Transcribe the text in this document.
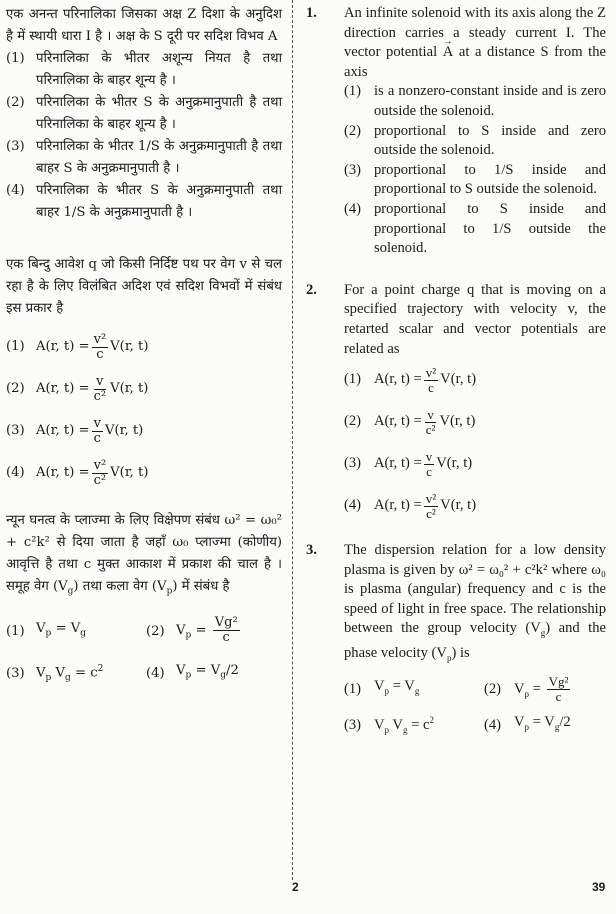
एक अनन्त परिनालिका जिसका अक्ष Z दिशा के अनुदिश है में स्थायी धारा I है । अक्ष के S दूरी पर सदिश विभव A

(1) परिनालिका के भीतर अशून्य नियत है तथा परिनालिका के बाहर शून्य है ।
(2) परिनालिका के भीतर S के अनुक्रमानुपाती है तथा परिनालिका के बाहर शून्य है ।
(3) परिनालिका के भीतर 1/S के अनुक्रमानुपाती है तथा बाहर S के अनुक्रमानुपाती है ।
(4) परिनालिका के भीतर S के अनुक्रमानुपाती तथा बाहर 1/S के अनुक्रमानुपाती है ।

एक बिन्दु आवेश q जो किसी निर्दिष्ट पथ पर वेग v से चल रहा है के लिए विलंबित अदिश एवं सदिश विभवों में संबंध इस प्रकार है

(1) A(r, $t) = \frac{\text{v²}}{c} V(r$, t)
(2) A(r, $t) = \frac{v}{\text{c²}} V(r$, t)
(3) A(r, $t) = \frac{v}{c} V(r$, t)
(4) A(r, $t) = \frac{\text{v²}}{\text{c²}} V(r$, t)

न्यून घनत्व के प्लाज्मा के लिए विक्षेपण संबंध ω² = ω₀² + c²k² से दिया जाता है जहाँ ω₀ प्लाज्मा (कोणीय) आवृत्ति है तथा c मुक्त आकाश में प्रकाश की चाल है । समूह वेग $(V_g)$ तथा कला वेग $(V_p)$ में संबंध है

(1) $V_p = V_g$	(2) $V_p = \frac{\text{Vg²}}{c}$
(3) $V_p$ $V_g = c^2$	(4) $V_p = V_g/2$
1. An infinite solenoid with its axis along the Z direction carries a steady current I. The vector potential → A at a distance S from the axis

(1) is a nonzero-constant inside and is zero outside the solenoid.
(2) proportional to S inside and zero outside the solenoid.
(3) proportional to 1/S inside and proportional to S outside the solenoid.
(4) proportional to S inside and proportional to 1/S outside the solenoid.
2. For a point charge q that is moving on a specified trajectory with velocity v, the retarted scalar and vector potentials are related as

(1) A(r, $t) = \frac{\text{v²}}{c} V(r$, t)
(2) A(r, $t) = \frac{v}{\text{c²}} V(r$, t)
(3) A(r, $t) = \frac{v}{c} V(r$, t)
(4) A(r, $t) = \frac{\text{v²}}{\text{c²}} V(r$, t)
3. The dispersion relation for a low density plasma is given by ω² = ω₀² + c²k² where ω₀ is plasma (angular) frequency and c is the speed of light in free space. The relationship between the group velocity $(V_g)$ and the phase velocity $(V_p)$ is

(1) $V_p = V_g$	(2) $V_p = \frac{\text{Vg²}}{c}$
(3) $V_p$ $V_g = c^2$	(4) $V_p = V_g/2$
2	39
